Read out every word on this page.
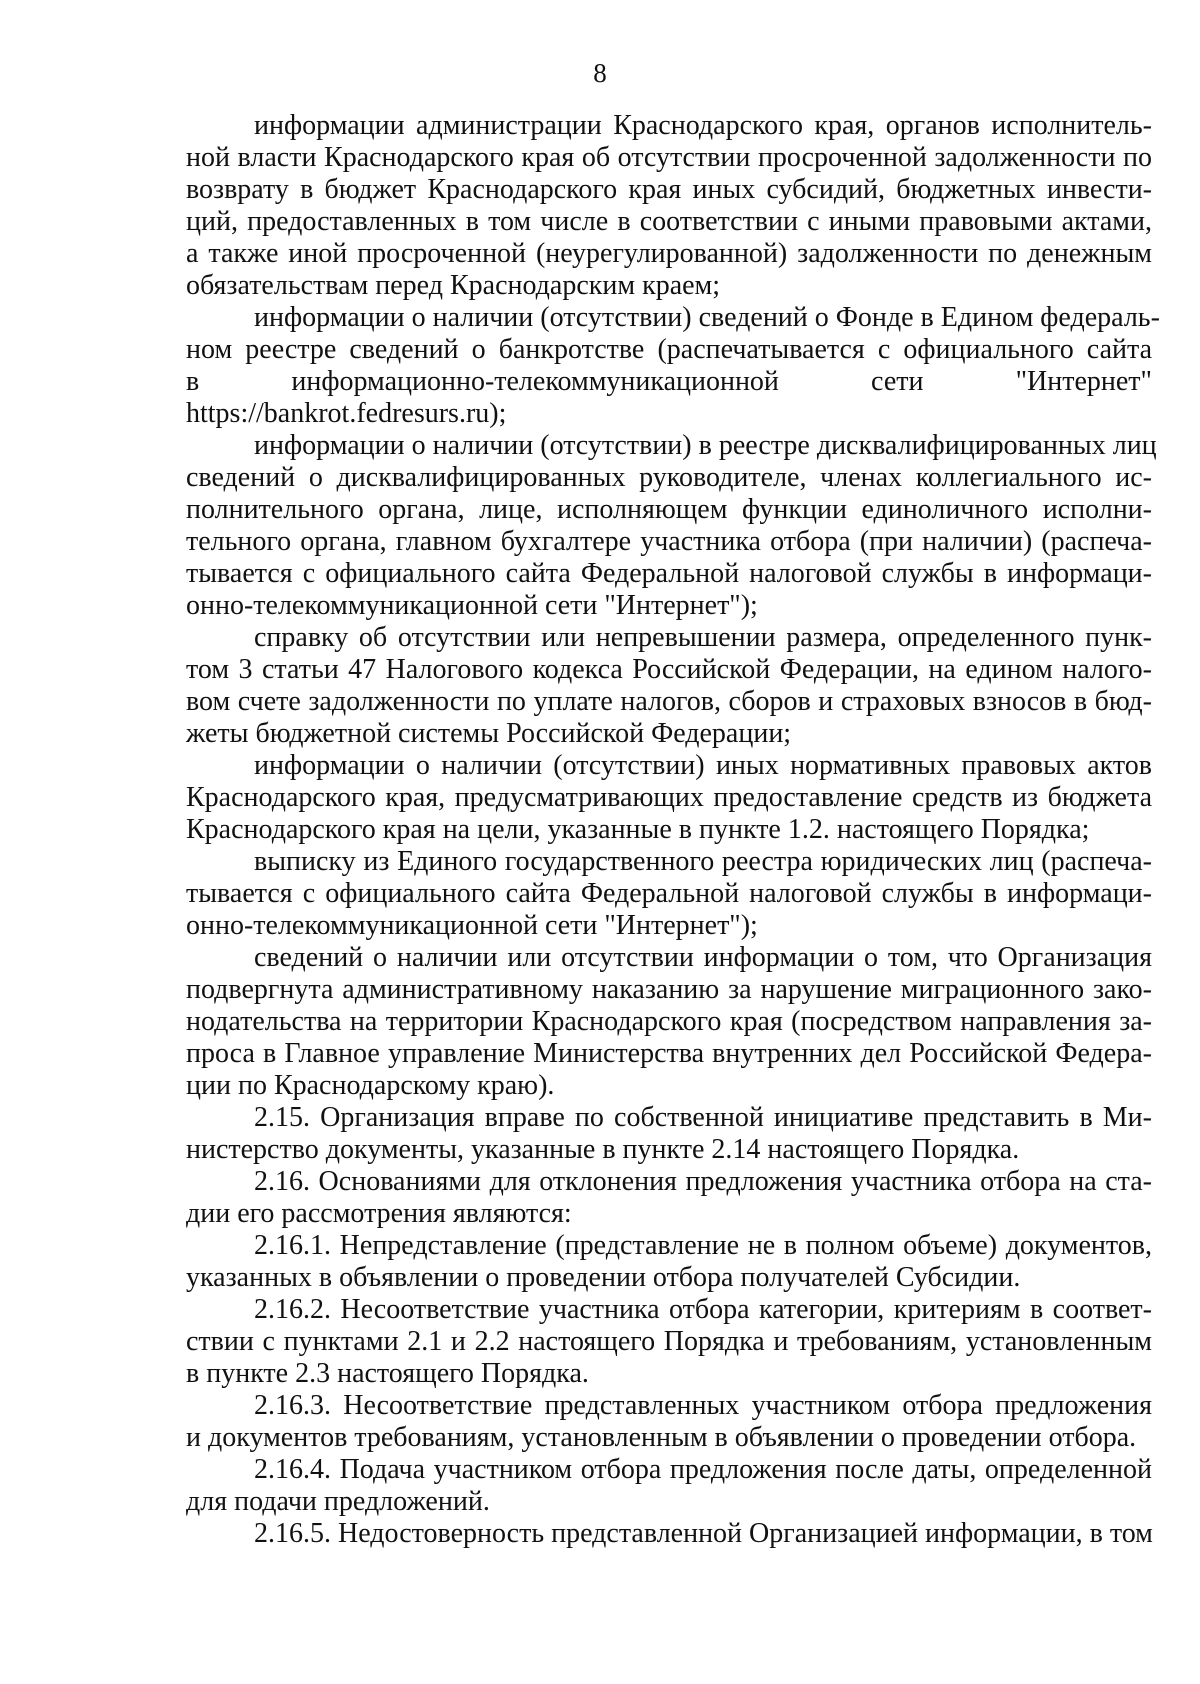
8
информации администрации Краснодарского края, органов исполнитель-
ной власти Краснодарского края об отсутствии просроченной задолженности по
возврату в бюджет Краснодарского края иных субсидий, бюджетных инвести-
ций, предоставленных в том числе в соответствии с иными правовыми актами,
а также иной просроченной (неурегулированной) задолженности по денежным
обязательствам перед Краснодарским краем;
информации о наличии (отсутствии) сведений о Фонде в Едином федераль-
ном реестре сведений о банкротстве (распечатывается с официального сайта
в	информационно-телекоммуникационной	сети	"Интернет"
https://bankrot.fedresurs.ru);
информации о наличии (отсутствии) в реестре дисквалифицированных лиц
сведений о дисквалифицированных руководителе, членах коллегиального ис-
полнительного органа, лице, исполняющем функции единоличного исполни-
тельного органа, главном бухгалтере участника отбора (при наличии) (распеча-
тывается с официального сайта Федеральной налоговой службы в информаци-
онно-телекоммуникационной сети "Интернет");
справку об отсутствии или непревышении размера, определенного пунк-
том 3 статьи 47 Налогового кодекса Российской Федерации, на едином налого-
вом счете задолженности по уплате налогов, сборов и страховых взносов в бюд-
жеты бюджетной системы Российской Федерации;
информации о наличии (отсутствии) иных нормативных правовых актов
Краснодарского края, предусматривающих предоставление средств из бюджета
Краснодарского края на цели, указанные в пункте 1.2. настоящего Порядка;
выписку из Единого государственного реестра юридических лиц (распеча-
тывается с официального сайта Федеральной налоговой службы в информаци-
онно-телекоммуникационной сети "Интернет");
сведений о наличии или отсутствии информации о том, что Организация
подвергнута административному наказанию за нарушение миграционного зако-
нодательства на территории Краснодарского края (посредством направления за-
проса в Главное управление Министерства внутренних дел Российской Федера-
ции по Краснодарскому краю).
2.15. Организация вправе по собственной инициативе представить в Ми-
нистерство документы, указанные в пункте 2.14 настоящего Порядка.
2.16. Основаниями для отклонения предложения участника отбора на ста-
дии его рассмотрения являются:
2.16.1. Непредставление (представление не в полном объеме) документов,
указанных в объявлении о проведении отбора получателей Субсидии.
2.16.2. Несоответствие участника отбора категории, критериям в соответ-
ствии с пунктами 2.1 и 2.2 настоящего Порядка и требованиям, установленным
в пункте 2.3 настоящего Порядка.
2.16.3. Несоответствие представленных участником отбора предложения
и документов требованиям, установленным в объявлении о проведении отбора.
2.16.4. Подача участником отбора предложения после даты, определенной
для подачи предложений.
2.16.5. Недостоверность представленной Организацией информации, в том
